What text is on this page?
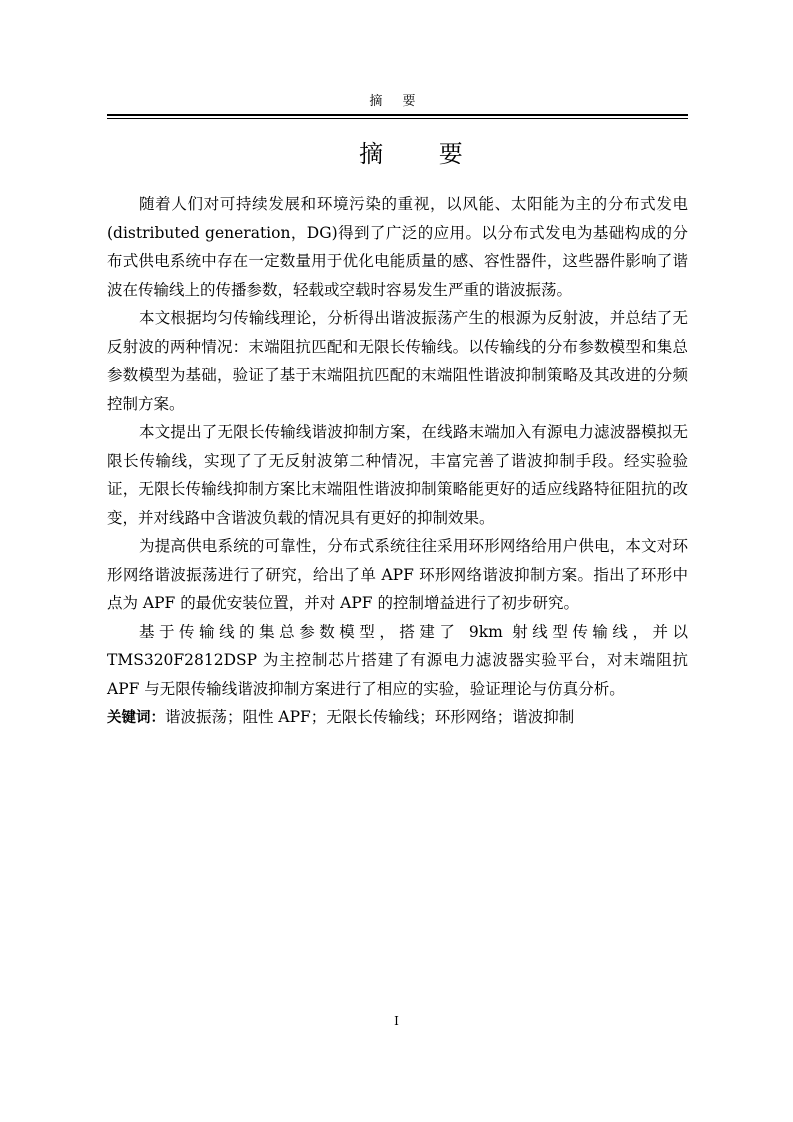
摘 要
摘 要

随着人们对可持续发展和环境污染的重视，以风能、太阳能为主的分布式发电(distributed generation，DG)得到了广泛的应用。以分布式发电为基础构成的分布式供电系统中存在一定数量用于优化电能质量的感、容性器件，这些器件影响了谐波在传输线上的传播参数，轻载或空载时容易发生严重的谐波振荡。

本文根据均匀传输线理论，分析得出谐波振荡产生的根源为反射波，并总结了无反射波的两种情况：末端阻抗匹配和无限长传输线。以传输线的分布参数模型和集总参数模型为基础，验证了基于末端阻抗匹配的末端阻性谐波抑制策略及其改进的分频控制方案。

本文提出了无限长传输线谐波抑制方案，在线路末端加入有源电力滤波器模拟无限长传输线，实现了了无反射波第二种情况，丰富完善了谐波抑制手段。经实验验证，无限长传输线抑制方案比末端阻性谐波抑制策略能更好的适应线路特征阻抗的改变，并对线路中含谐波负载的情况具有更好的抑制效果。

为提高供电系统的可靠性，分布式系统往往采用环形网络给用户供电，本文对环形网络谐波振荡进行了研究，给出了单 APF 环形网络谐波抑制方案。指出了环形中点为 APF 的最优安装位置，并对 APF 的控制增益进行了初步研究。

基于传输线的集总参数模型，搭建了 9km 射线型传输线，并以 TMS320F2812DSP 为主控制芯片搭建了有源电力滤波器实验平台，对末端阻抗 APF 与无限传输线谐波抑制方案进行了相应的实验，验证理论与仿真分析。

关键词：谐波振荡；阻性 APF；无限长传输线；环形网络；谐波抑制

I
